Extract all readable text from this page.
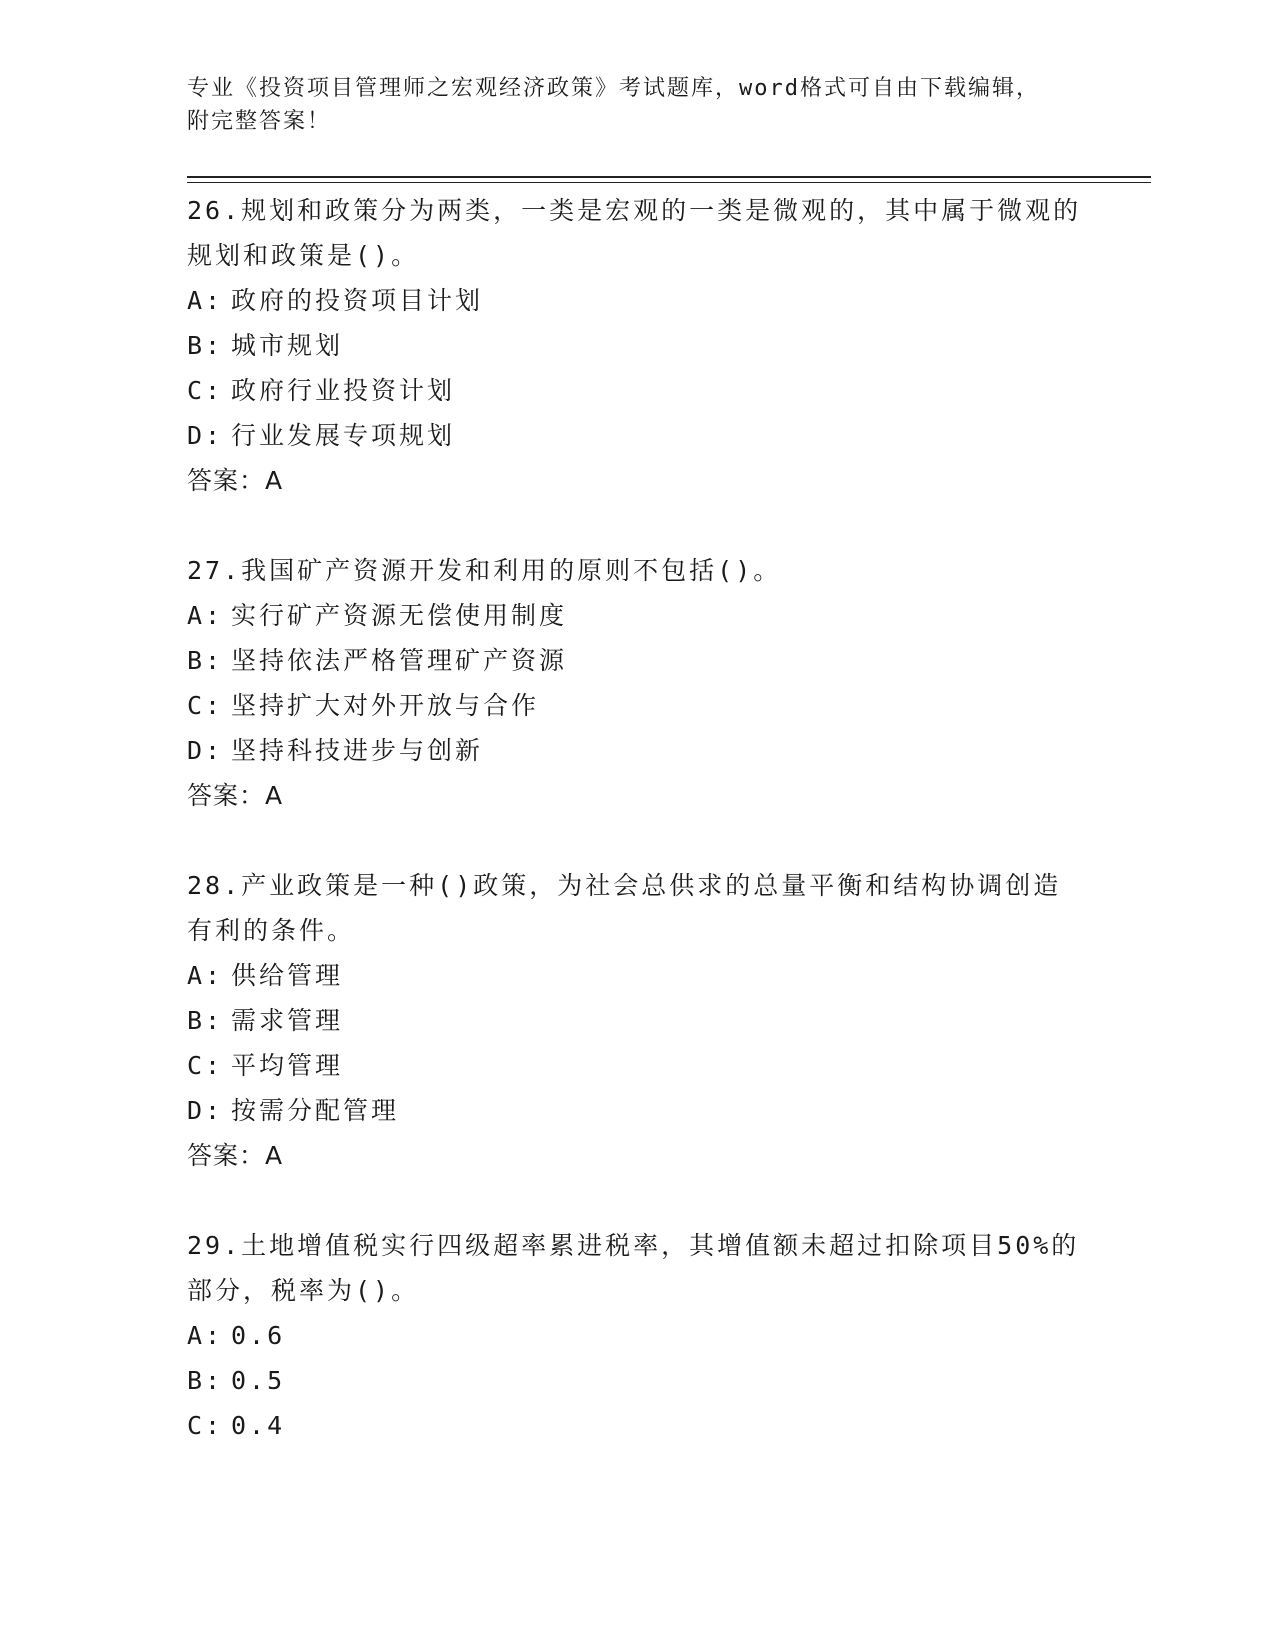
专业《投资项目管理师之宏观经济政策》考试题库，word格式可自由下载编辑，
附完整答案！
26.规划和政策分为两类，一类是宏观的一类是微观的，其中属于微观的规划和政策是()。
A: 政府的投资项目计划
B: 城市规划
C: 政府行业投资计划
D: 行业发展专项规划
答案：A
27.我国矿产资源开发和利用的原则不包括()。
A: 实行矿产资源无偿使用制度
B: 坚持依法严格管理矿产资源
C: 坚持扩大对外开放与合作
D: 坚持科技进步与创新
答案：A
28.产业政策是一种()政策，为社会总供求的总量平衡和结构协调创造有利的条件。
A: 供给管理
B: 需求管理
C: 平均管理
D: 按需分配管理
答案：A
29.土地增值税实行四级超率累进税率，其增值额未超过扣除项目50%的部分，税率为()。
A: 0.6
B: 0.5
C: 0.4
